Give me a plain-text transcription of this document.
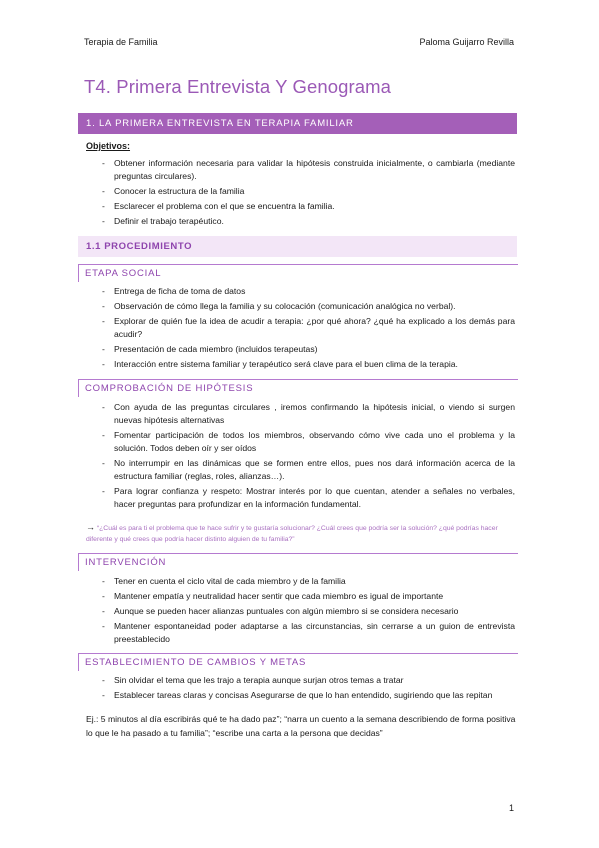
Terapia de Familia	Paloma Guijarro Revilla
T4. Primera Entrevista Y Genograma
1. LA PRIMERA ENTREVISTA EN TERAPIA FAMILIAR
Objetivos:
- Obtener información necesaria para validar la hipótesis construida inicialmente, o cambiarla (mediante preguntas circulares).
- Conocer la estructura de la familia
- Esclarecer el problema con el que se encuentra la familia.
- Definir el trabajo terapéutico.
1.1 PROCEDIMIENTO
ETAPA SOCIAL
- Entrega de ficha de toma de datos
- Observación de cómo llega la familia y su colocación (comunicación analógica no verbal).
- Explorar de quién fue la idea de acudir a terapia: ¿por qué ahora? ¿qué ha explicado a los demás para acudir?
- Presentación de cada miembro (incluidos terapeutas)
- Interacción entre sistema familiar y terapéutico será clave para el buen clima de la terapia.
COMPROBACIÓN DE HIPÓTESIS
- Con ayuda de las preguntas circulares , iremos confirmando la hipótesis inicial, o viendo si surgen nuevas hipótesis alternativas
- Fomentar participación de todos los miembros, observando cómo vive cada uno el problema y la solución. Todos deben oír y ser oídos
- No interrumpir en las dinámicas que se formen entre ellos, pues nos dará información acerca de la estructura familiar (reglas, roles, alianzas…).
- Para lograr confianza y respeto: Mostrar interés por lo que cuentan, atender a señales no verbales, hacer preguntas para profundizar en la información fundamental.
→ “¿Cuál es para ti el problema que te hace sufrir y te gustaría solucionar? ¿Cuál crees que podría ser la solución? ¿qué podrías hacer diferente y qué crees que podría hacer distinto alguien de tu familia?”
INTERVENCIÓN
- Tener en cuenta el ciclo vital de cada miembro y de la familia
- Mantener empatía y neutralidad hacer sentir que cada miembro es igual de importante
- Aunque se pueden hacer alianzas puntuales con algún miembro si se considera necesario
- Mantener espontaneidad poder adaptarse a las circunstancias, sin cerrarse a un guion de entrevista preestablecido
ESTABLECIMIENTO DE CAMBIOS Y METAS
- Sin olvidar el tema que les trajo a terapia aunque surjan otros temas a tratar
- Establecer tareas claras y concisas Asegurarse de que lo han entendido, sugiriendo que las repitan
Ej.: 5 minutos al día escribirás qué te ha dado paz”; “narra un cuento a la semana describiendo de forma positiva lo que le ha pasado a tu familia”; “escribe una carta a la persona que decidas”
1
